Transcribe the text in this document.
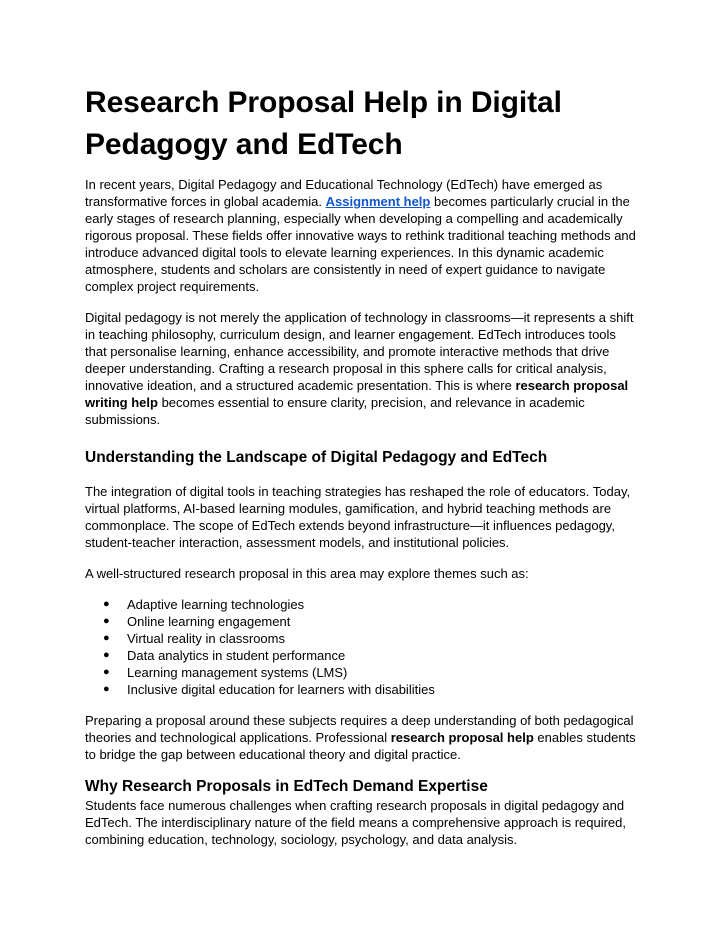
Research Proposal Help in Digital Pedagogy and EdTech

In recent years, Digital Pedagogy and Educational Technology (EdTech) have emerged as transformative forces in global academia. Assignment help becomes particularly crucial in the early stages of research planning, especially when developing a compelling and academically rigorous proposal. These fields offer innovative ways to rethink traditional teaching methods and introduce advanced digital tools to elevate learning experiences. In this dynamic academic atmosphere, students and scholars are consistently in need of expert guidance to navigate complex project requirements.

Digital pedagogy is not merely the application of technology in classrooms—it represents a shift in teaching philosophy, curriculum design, and learner engagement. EdTech introduces tools that personalise learning, enhance accessibility, and promote interactive methods that drive deeper understanding. Crafting a research proposal in this sphere calls for critical analysis, innovative ideation, and a structured academic presentation. This is where research proposal writing help becomes essential to ensure clarity, precision, and relevance in academic submissions.

Understanding the Landscape of Digital Pedagogy and EdTech

The integration of digital tools in teaching strategies has reshaped the role of educators. Today, virtual platforms, AI-based learning modules, gamification, and hybrid teaching methods are commonplace. The scope of EdTech extends beyond infrastructure—it influences pedagogy, student-teacher interaction, assessment models, and institutional policies.

A well-structured research proposal in this area may explore themes such as:

● Adaptive learning technologies
● Online learning engagement
● Virtual reality in classrooms
● Data analytics in student performance
● Learning management systems (LMS)
● Inclusive digital education for learners with disabilities

Preparing a proposal around these subjects requires a deep understanding of both pedagogical theories and technological applications. Professional research proposal help enables students to bridge the gap between educational theory and digital practice.

Why Research Proposals in EdTech Demand Expertise

Students face numerous challenges when crafting research proposals in digital pedagogy and EdTech. The interdisciplinary nature of the field means a comprehensive approach is required, combining education, technology, sociology, psychology, and data analysis.
